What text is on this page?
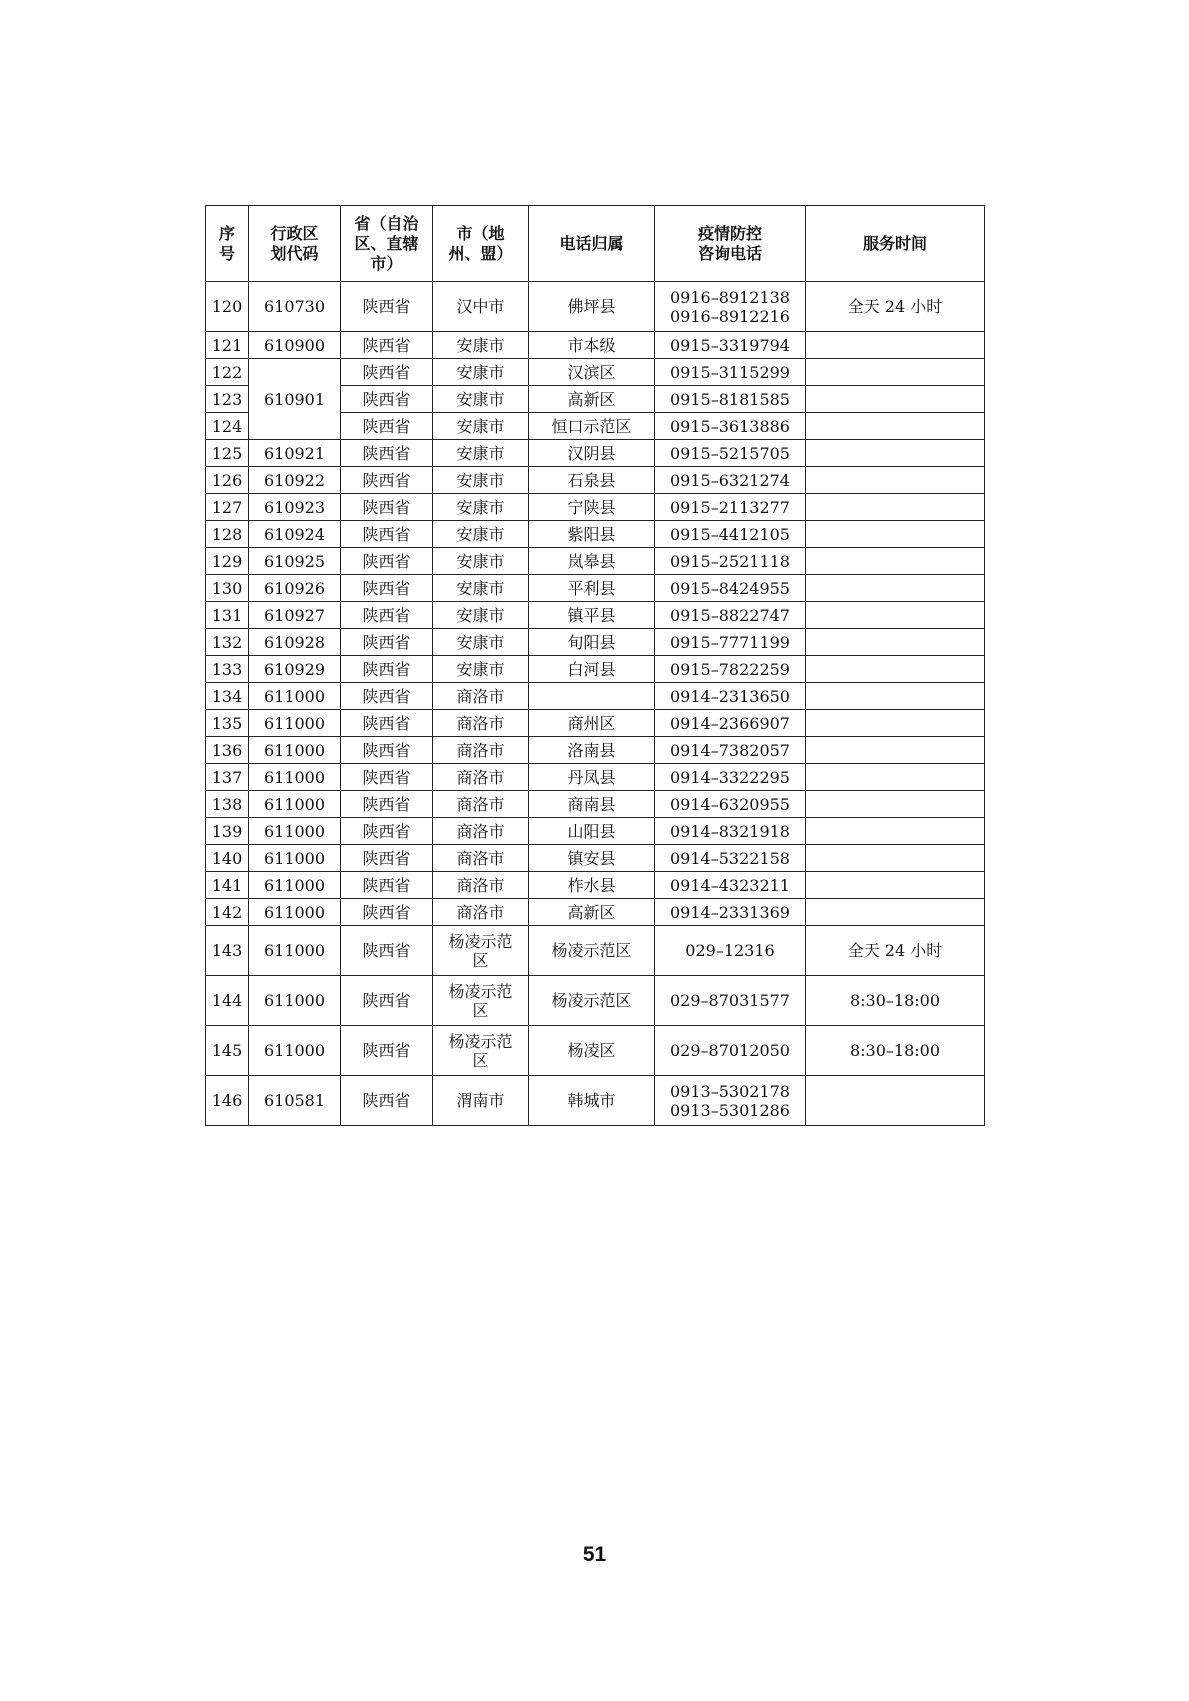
序
号	行政区
划代码	省（自治
区、直辖
市）	市（地
州、盟）	电话归属	疫情防控
咨询电话	服务时间

120	610730	陕西省	汉中市	佛坪县	0916–8912138
0916–8912216	全天 24 小时

121	610900	陕西省	安康市	市本级	0915–3319794	

122	610901	陕西省	安康市	汉滨区	0915–3115299	

123		陕西省	安康市	高新区	0915–8181585	

124		陕西省	安康市	恒口示范区	0915–3613886	

125	610921	陕西省	安康市	汉阴县	0915–5215705	

126	610922	陕西省	安康市	石泉县	0915–6321274	

127	610923	陕西省	安康市	宁陕县	0915–2113277	

128	610924	陕西省	安康市	紫阳县	0915–4412105	

129	610925	陕西省	安康市	岚皋县	0915–2521118	

130	610926	陕西省	安康市	平利县	0915–8424955	

131	610927	陕西省	安康市	镇平县	0915–8822747	

132	610928	陕西省	安康市	旬阳县	0915–7771199	

133	610929	陕西省	安康市	白河县	0915–7822259	

134	611000	陕西省	商洛市		0914–2313650	

135	611000	陕西省	商洛市	商州区	0914–2366907	

136	611000	陕西省	商洛市	洛南县	0914–7382057	

137	611000	陕西省	商洛市	丹凤县	0914–3322295	

138	611000	陕西省	商洛市	商南县	0914–6320955	

139	611000	陕西省	商洛市	山阳县	0914–8321918	

140	611000	陕西省	商洛市	镇安县	0914–5322158	

141	611000	陕西省	商洛市	柞水县	0914–4323211	

142	611000	陕西省	商洛市	高新区	0914–2331369	

143	611000	陕西省	杨凌示范
区	杨凌示范区	029–12316	全天 24 小时

144	611000	陕西省	杨凌示范
区	杨凌示范区	029–87031577	8:30–18:00

145	611000	陕西省	杨凌示范
区	杨凌区	029–87012050	8:30–18:00

146	610581	陕西省	渭南市	韩城市	0913–5302178
0913–5301286	

51
